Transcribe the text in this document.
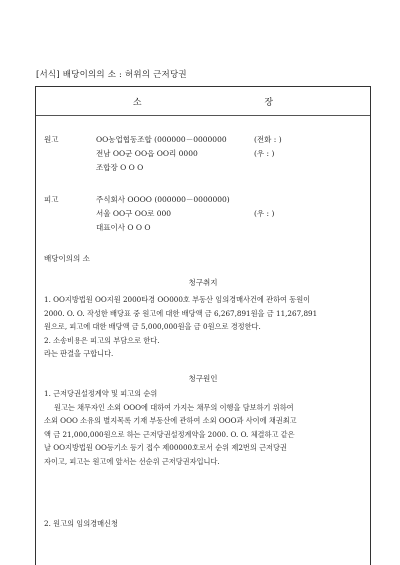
[서식] 배당이의의 소 : 허위의 근저당권
소 장
원고	OO농업협동조합 (000000－0000000	(전화 : )
전남 OO군 OO읍 OO리 0000	(우 : )
조합장 O O O
피고	주식회사 OOOO (000000－0000000)
서울 OO구 OO로 000	(우 : )
대표이사 O O O
배당이의의 소
청구취지
1. OO지방법원 OO지원 2000타경 OO000호 부동산 임의경매사건에 관하여 동원이
2000. O. O. 작성한 배당표 중 원고에 대한 배당액 금 6,267,891원을 금 11,267,891
원으로, 피고에 대한 배당액 금 5,000,000원을 금 0원으로 경정한다.
2. 소송비용은 피고의 부담으로 한다.
라는 판결을 구합니다.
청구원인
1. 근저당권설정계약 및 피고의 순위
원고는 채무자인 소외 OOO에 대하여 가지는 채무의 이행을 담보하기 위하여
소외 OOO 소유의 별지목록 기재 부동산에 관하여 소외 OOO과 사이에 채권최고
액 금 21,000,000원으로 하는 근저당권설정계약을 2000. O. O. 체결하고 같은
날 OO지방법원 OO등기소 등기 접수 제00000호로서 순위 제2번의 근저당권
자이고, 피고는 원고에 앞서는 선순위 근저당권자입니다.
2. 원고의 임의경매신청
